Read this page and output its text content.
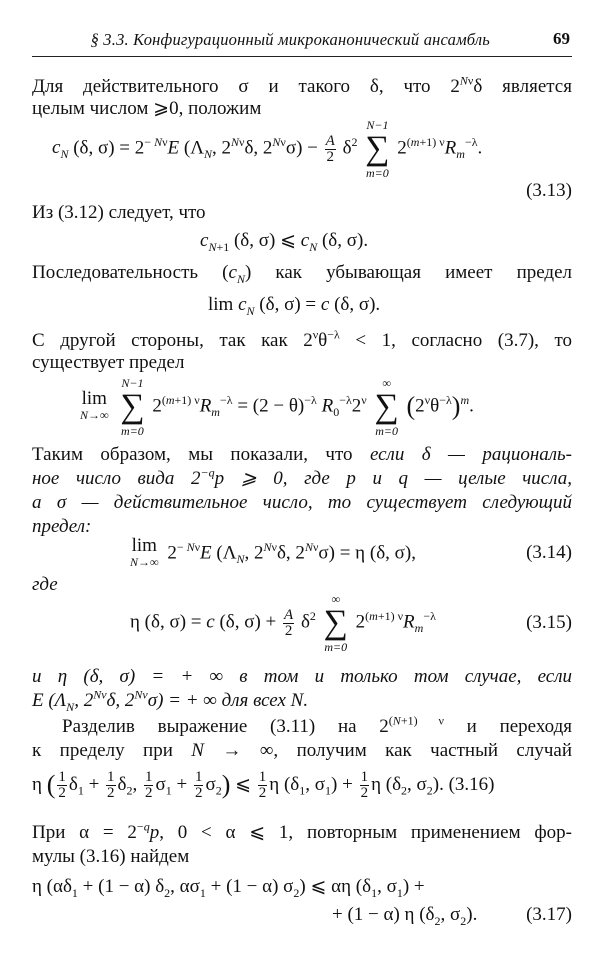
§ 3.3. Конфигурационный микроканонический ансамбль	69
Для действительного σ и такого δ, что $2^{N\nu}\delta$ является
целым числом ⩾0, положим
$c_N$ (δ, $\sigma) = 2^{- N\nu}E$ ($\Lambda_N$, $2^{N\nu}\delta$, $2^{N\nu}\sigma) - \frac{A}{2} \delta^2$
N−1
∑
m=0
$2^{(m+1) \nu}R_m^{-\lambda}$.
(3.13)
Из (3.12) следует, что
$c_{N+1}$ (δ, σ) ⩽ $c_N$ (δ, σ).
Последовательность $(c_N)$ как убывающая имеет предел
$\lim c_N$ (δ, σ) = c (δ, σ).
С другой стороны, так как $2^\nu\theta^{-\lambda} < 1$, согласно (3.7), то
существует предел
lim
N→∞

N−1
∑
m=0
$2^{(m+1) \nu}R_m^{-\lambda} = (2 - \theta)^{-\lambda}$ $R_0^{-\lambda}2^\nu$
∞
∑
m=0
$(2^\nu\theta^{-\lambda})^m$.
Таким образом, мы показали, что если δ — рациональ-
ное число вида $2^{-q}p$ ⩾ 0, где p и q — целые числа,
а σ — действительное число, то существует следующий
предел:
lim
N→∞ $2^{- N\nu}E$ ($\Lambda_N$, $2^{N\nu}\delta$, $2^{N\nu}\sigma) = \eta$ (δ, σ),	(3.14)
где
η (δ, σ) = c (δ, $\sigma) + \frac{A}{2} \delta^2$
∞
∑
m=0
$2^{(m+1) \nu}R_m^{-\lambda}$	(3.15)
и η (δ, σ) = + ∞ в том и только том случае, если
E ($\Lambda_N$, $2^{N\nu}\delta$, $2^{N\nu}\sigma$) = + ∞ для всех N.
Разделив выражение (3.11) на $2^{(N+1) \nu}$ и переходя
к пределу при N → ∞, получим как частный случай
η ( $\frac{1}{2} \delta_1 + \frac{1}{2} \delta_2$, $\frac{1}{2} \sigma_1 + \frac{1}{2} \sigma_2$) ⩽ $\frac{1}{2}$ η ($\delta_1$, $\sigma_1) + \frac{1}{2}$ η ($\delta_2$, $\sigma_2$). (3.16)
При $\alpha = 2^{-q}p$, 0 < α ⩽ 1, повторным применением фор-
мулы (3.16) найдем
η ($\alpha\delta_1 + (1 - \alpha)$ $\delta_2$, $\alpha\sigma_1 + (1 - \alpha)$ $\sigma_2$) ⩽ αη ($\delta_1$, $\sigma_1$) +
+ (1 − α) η ($\delta_2$, $\sigma_2$).	(3.17)
